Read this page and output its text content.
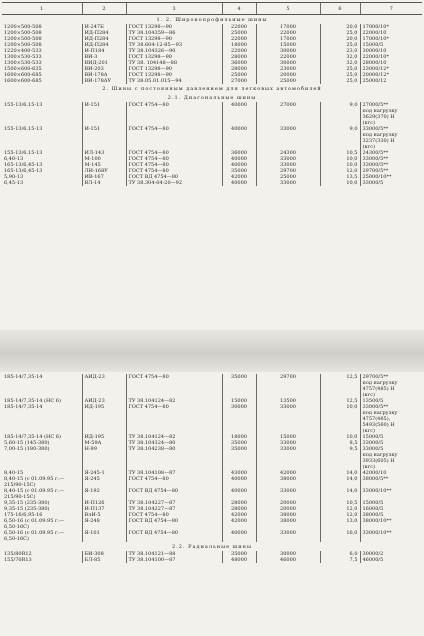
1	2	3	4	5	6	7
1. 2. Широкопрофильные шины						
1200×500-508	И-247Б	ГОСТ 13298—90	22000	17000	20,0	17000/10*
1200×500-508	ИД-П284	ТУ 38.104359—86	25000	22000	25,0	22000/10
1200×500-508	ИД-П284	ГОСТ 13298—90	22000	17000	20,0	17000/10*
1200×500-508	ИД-П284	ТУ 38.604-12-85—93	18000	15000	25,0	15000/5
1220×400-533	И-П184	ТУ 38.104326—90	22000	30000	23,0	30000/10
1300×530-533	ВИ-3	ГОСТ 13298—90	28000	22000	32,0	22000/10*
1300×530-533	ВИД-201	ТУ 38. 104148—88	36000	30000	32,0	28000/10
1500×600-635	ВИ-203	ГОСТ 13298—90	28000	23000	25,0	23000/12*
1600×600-685	ВИ-178А	ГОСТ 13298—90	25000	20000	25,0	20000/12*
1600×600-685	ВИ-178АУ	ТУ 38.05.01.015—94	27000	25000	25,0	25000/12
2. Шины с постоянным давлением для легковых автомобилей						
2.1. Диагональные шины						
155-13/6,15-13	И-151	ГОСТ 4754—80	40000	27000	9,0	27000/5**
под нагрузку
3629(370) Н
(кгс)
155-13/6,15-13	И-151	ГОСТ 4754—80	40000	33000	9,0	33000/5**
под нагрузку
3237(330) Н
(кгс)
155-13/6,15-13	ИЛ-143	ГОСТ 4754—80	36000	24300	10,5	24300/5**
6,40-13	М-100	ГОСТ 4754—80	40000	33000	10,0	33000/5**
165-13/6,45-13	М-145	ГОСТ 4754—80	40000	33000	10,0	33000/5**
165-13/6,45-13	ЛИ-168У	ГОСТ 4754—80	35000	29700	12,0	29700/5**
5,90-13	ИВ-167	ГОСТ ВД 4754—80	42000	25000	13,5	25000/10**
6,45-13	ВЛ-14	ТУ 38.304-04-20—92	40000	33000	10,0	33000/5
185-14/7,35-14	АИД-23	ГОСТ 4754—80	35000	29700	12,5	29700/5**
под нагрузку
4757(485) Н
(кгс)
185-14/7,35-14 (НС 6)	АИД-23	ТУ 38.104124—82	15000	13500	12,5	13500/5
185-14/7,35-14	ИД-195	ГОСТ 4754—80	30000	33000	10,0	33000/5**
под нагрузку
4757(485),
5493(560) Н
(кгс)
185-14/7,35-14 (НС 6)	ИД-195	ТУ 38.104124—82	18000	15000	10,0	15000/5
5,60-15 (145-380)	М-59А	ТУ 38.104324—80	35000	33000	8,5	33000/5
7,00-15 (180-380)	Н-89	ТУ 38.104238—80	35000	33000	9,5	33000/5
под нагрузку
3933(605) Н
(кгс)
8,40-15	Я-245-1	ТУ 38.104108—87	43000	42000	14,0	42000/10
8,40-15 (с 01.09.95 г.—
215/90-15С)	Я-245	ГОСТ 4754—80	40000	38000	14,0	38000/5**
8,40-15 (с 01.09.95 г.—
215/90-15С)	Я-192	ГОСТ ВД 4754—80	40000	33000	14,0	33000/10**
9,35-15 (235-380)	И-П126	ТУ 38.104227—87	28000	20000	10,5	15000/5
9,35-15 (235-380)	И-П137	ТУ 38.104227—87	28000	20000	12,0	16000/5
175-16/6,95-16	ВлИ-5	ГОСТ 4754—80	42000	38000	12,0	38000/5
6,50-16 (с 01.09.95 г.—
6,50-16С)	Я-248	ГОСТ ВД 4754—80	42000	38000	13,0	38000/10**
6,50-16 (с 01.09.95 г.—
6,50-16С)	Я-101	ГОСТ ВД 4754—80	40000	33000	16,0	33000/10**
2.2. Радиальные шины						
135/80R12	БИ-308	ТУ 38.104121—88	35000	30000	6,0	30000/2
155/70R13	БЛ-85	ТУ 38.104100—87	48000	46000	7,5	46000/5
